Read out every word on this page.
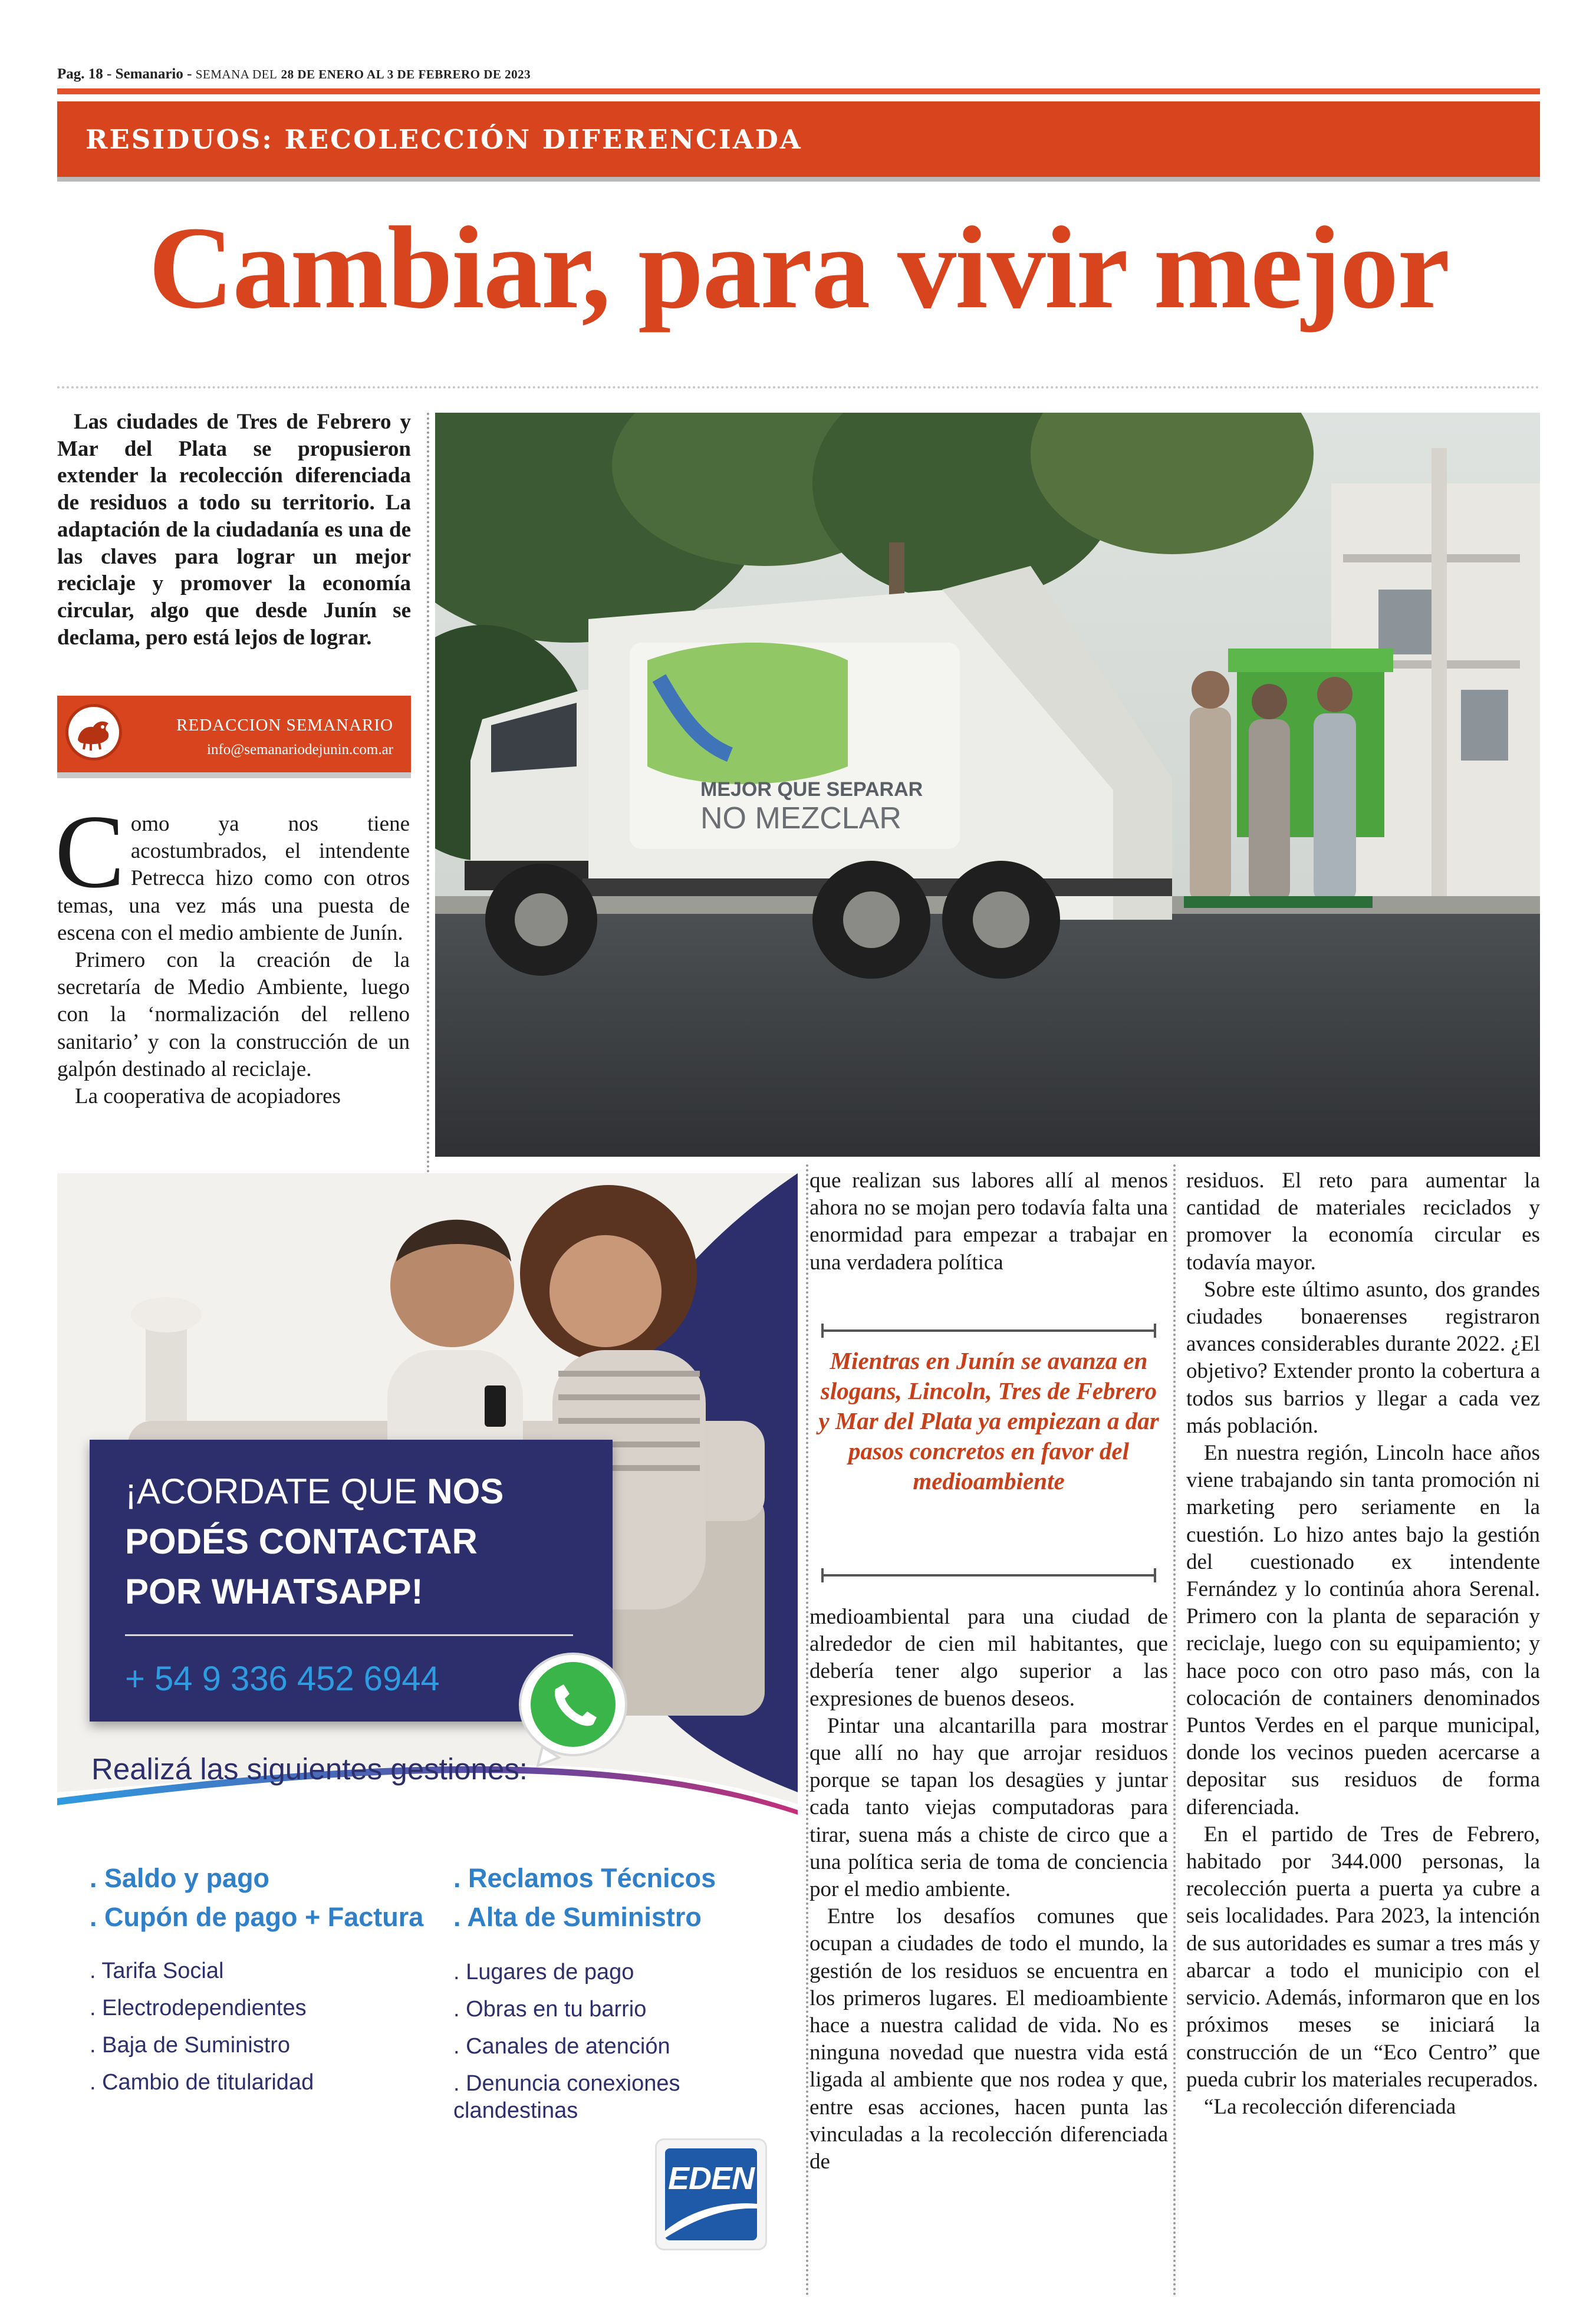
Pag. 18 - Semanario - SEMANA DEL 28 DE ENERO AL 3 DE FEBRERO DE 2023
RESIDUOS: RECOLECCIÓN DIFERENCIADA
Cambiar, para vivir mejor
Las ciudades de Tres de Febrero y Mar del Plata se propusieron extender la recolección diferenciada de residuos a todo su territorio. La adaptación de la ciudadanía es una de las claves para lograr un mejor reciclaje y promover la economía circular, algo que desde Junín se declama, pero está lejos de lograr.
REDACCION SEMANARIO
info@semanariodejunin.com.ar

Como ya nos tiene acostumbrados, el intendente Petrecca hizo como con otros temas, una vez más una puesta de escena con el medio ambiente de Junín.

Primero con la creación de la secretaría de Medio Ambiente, luego con la ‘normalización del relleno sanitario’ y con la construcción de un galpón destinado al reciclaje.

La cooperativa de acopiadores

MEJOR QUE SEPARAR
NO MEZCLAR

que realizan sus labores allí al menos ahora no se mojan pero todavía falta una enormidad para empezar a trabajar en una verdadera política

Mientras en Junín se avanza en slogans, Lincoln, Tres de Febrero y Mar del Plata ya empiezan a dar pasos concretos en favor del medioambiente

medioambiental para una ciudad de alrededor de cien mil habitantes, que debería tener algo superior a las expresiones de buenos deseos.

Pintar una alcantarilla para mostrar que allí no hay que arrojar residuos porque se tapan los desagües y juntar cada tanto viejas computadoras para tirar, suena más a chiste de circo que a una política seria de toma de conciencia por el medio ambiente.

Entre los desafíos comunes que ocupan a ciudades de todo el mundo, la gestión de los residuos se encuentra en los primeros lugares. El medioambiente hace a nuestra calidad de vida. No es ninguna novedad que nuestra vida está ligada al ambiente que nos rodea y que, entre esas acciones, hacen punta las vinculadas a la recolección diferenciada de

residuos. El reto para aumentar la cantidad de materiales reciclados y promover la economía circular es todavía mayor.

Sobre este último asunto, dos grandes ciudades bonaerenses registraron avances considerables durante 2022. ¿El objetivo? Extender pronto la cobertura a todos sus barrios y llegar a cada vez más población.

En nuestra región, Lincoln hace años viene trabajando sin tanta promoción ni marketing pero seriamente en la cuestión. Lo hizo antes bajo la gestión del cuestionado ex intendente Fernández y lo continúa ahora Serenal. Primero con la planta de separación y reciclaje, luego con su equipamiento; y hace poco con otro paso más, con la colocación de containers denominados Puntos Verdes en el parque municipal, donde los vecinos pueden acercarse a depositar sus residuos de forma diferenciada.

En el partido de Tres de Febrero, habitado por 344.000 personas, la recolección puerta a puerta ya cubre a seis localidades. Para 2023, la intención de sus autoridades es sumar a tres más y abarcar a todo el municipio con el servicio. Además, informaron que en los próximos meses se iniciará la construcción de un “Eco Centro” que pueda cubrir los materiales recuperados.

“La recolección diferenciada

¡ACORDATE QUE NOS
PODÉS CONTACTAR
POR WHATSAPP!
+ 54 9 336 452 6944
Realizá las siguientes gestiones:
. Saldo y pago
. Cupón de pago + Factura
. Reclamos Técnicos
. Alta de Suministro
. Tarifa Social
. Electrodependientes
. Baja de Suministro
. Cambio de titularidad
. Lugares de pago
. Obras en tu barrio
. Canales de atención
. Denuncia conexiones clandestinas
EDEN
